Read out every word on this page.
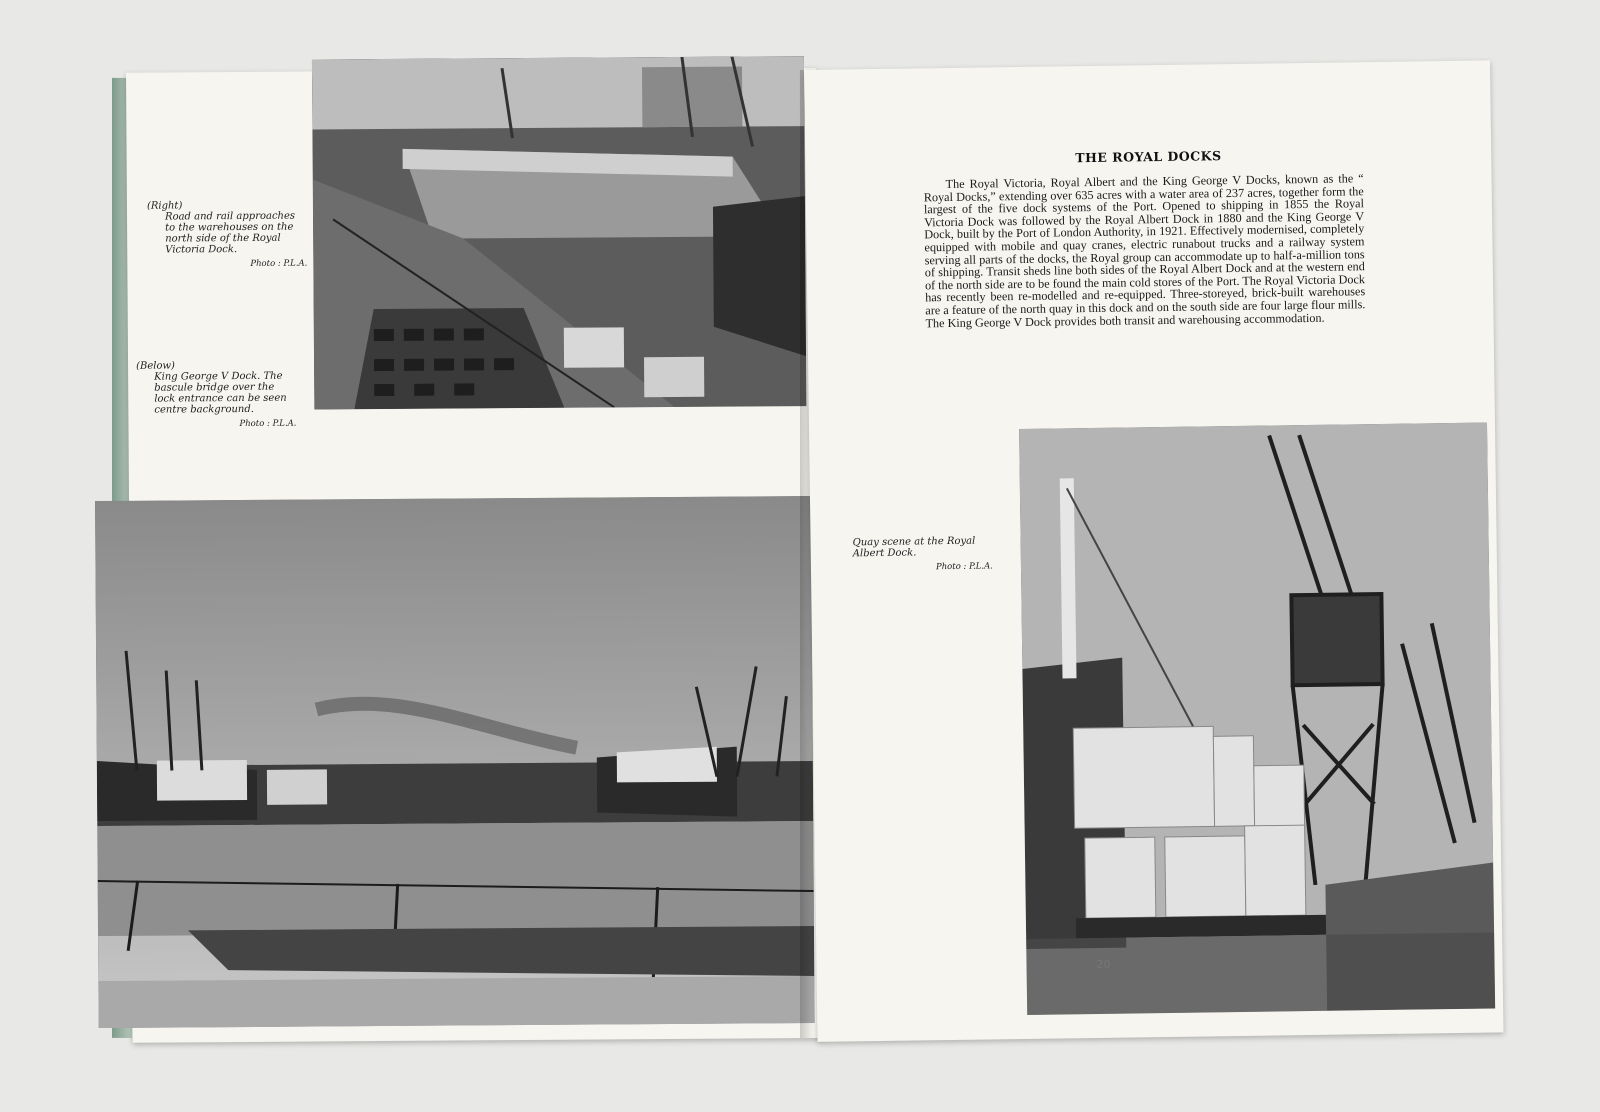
(Right)
Road and rail approaches to the warehouses on the north side of the Royal Victoria Dock.
Photo : P.L.A.
(Below)
King George V Dock. The bascule bridge over the lock entrance can be seen centre background.
Photo : P.L.A.
THE ROYAL DOCKS
The Royal Victoria, Royal Albert and the King George V Docks, known as the “ Royal Docks,” extending over 635 acres with a water area of 237 acres, together form the largest of the five dock systems of the Port. Opened to shipping in 1855 the Royal Victoria Dock was followed by the Royal Albert Dock in 1880 and the King George V Dock, built by the Port of London Authority, in 1921. Effectively modernised, completely equipped with mobile and quay cranes, electric runabout trucks and a railway system serving all parts of the docks, the Royal group can accommodate up to half-a-million tons of shipping. Transit sheds line both sides of the Royal Albert Dock and at the western end of the north side are to be found the main cold stores of the Port. The Royal Victoria Dock has recently been re-modelled and re-equipped. Three-storeyed, brick-built warehouses are a feature of the north quay in this dock and on the south side are four large flour mills. The King George V Dock provides both transit and warehousing accommodation.
Quay scene at the Royal Albert Dock.
Photo : P.L.A.
